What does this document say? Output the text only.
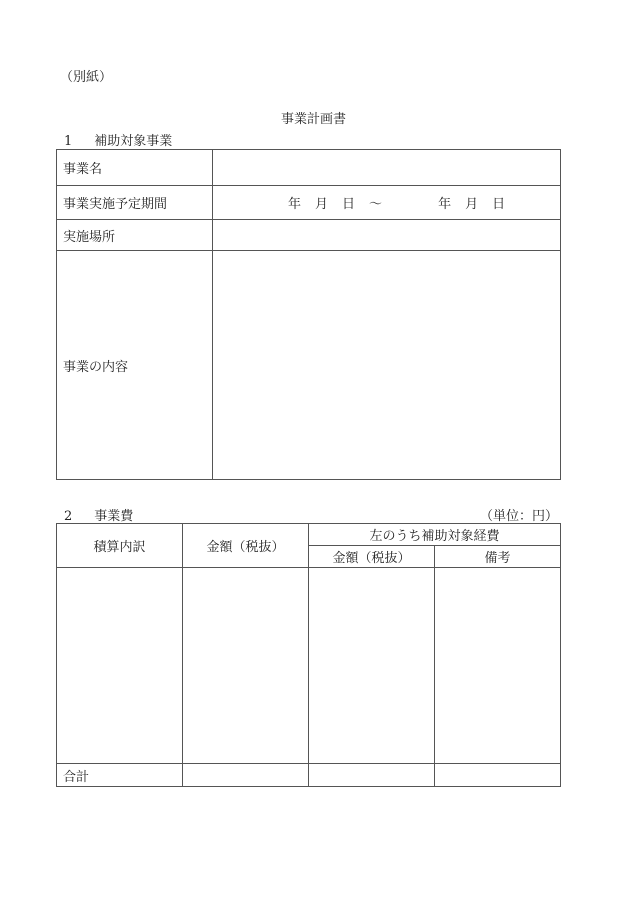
（別紙）
事業計画書
1 補助対象事業
事業名	
事業実施予定期間	年 月 日 ～ 年 月 日
実施場所	
事業の内容	
2 事業費	（単位：円）
積算内訳	金額（税抜）	左のうち補助対象経費	
		金額（税抜）	備考

合計			
